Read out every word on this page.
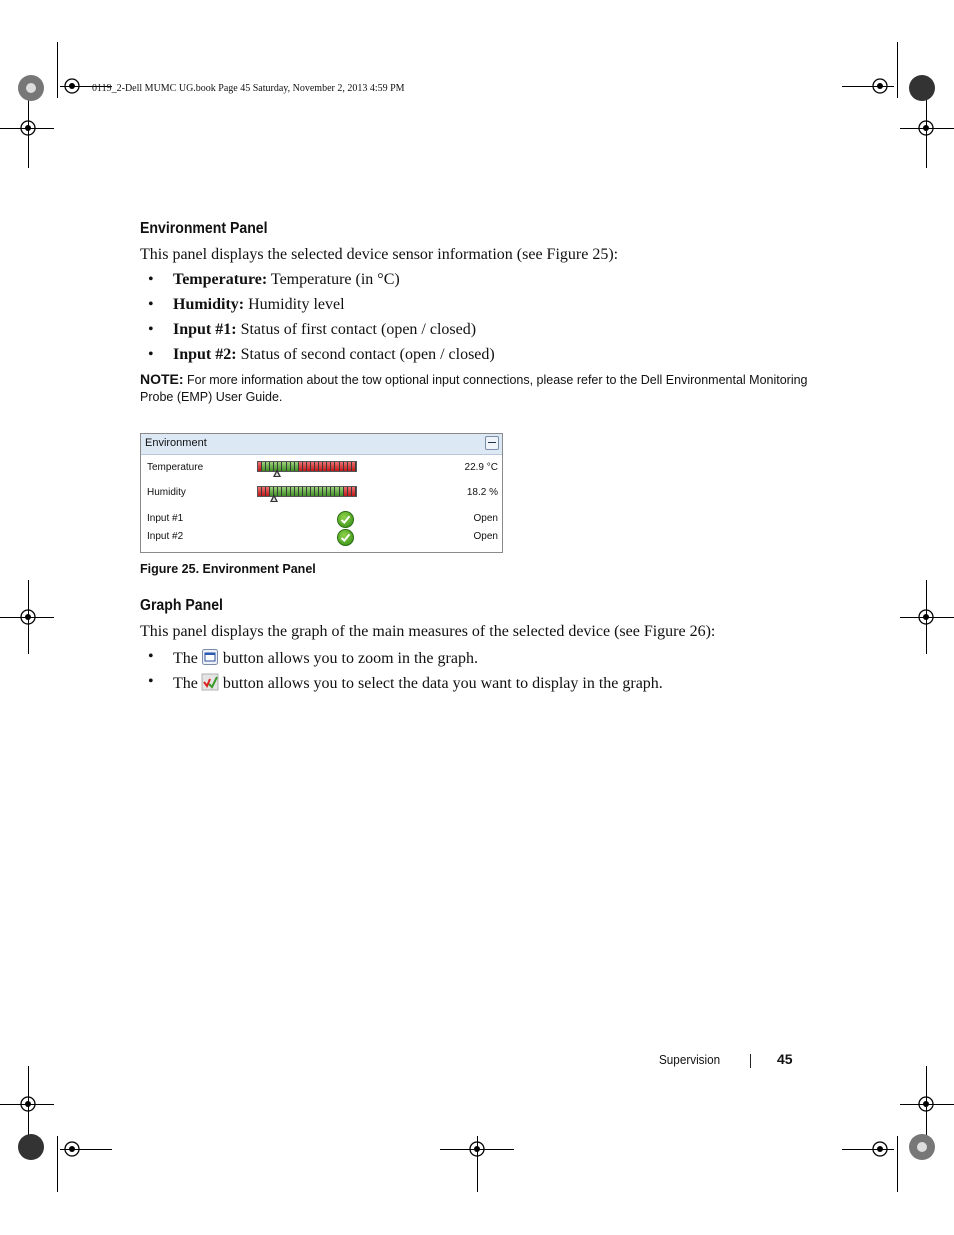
0119_2-Dell MUMC UG.book Page 45 Saturday, November 2, 2013 4:59 PM
Environment Panel
This panel displays the selected device sensor information (see Figure 25):
• Temperature: Temperature (in °C)
• Humidity: Humidity level
• Input #1: Status of first contact (open / closed)
• Input #2: Status of second contact (open / closed)
NOTE: For more information about the tow optional input connections, please refer to the Dell Environmental Monitoring Probe (EMP) User Guide.
Environment
Temperature	22.9 °C
Humidity	18.2 %
Input #1	Open
Input #2	Open
Figure 25. Environment Panel
Graph Panel
This panel displays the graph of the main measures of the selected device (see Figure 26):
• The button allows you to zoom in the graph.
• The button allows you to select the data you want to display in the graph.
Supervision	45
